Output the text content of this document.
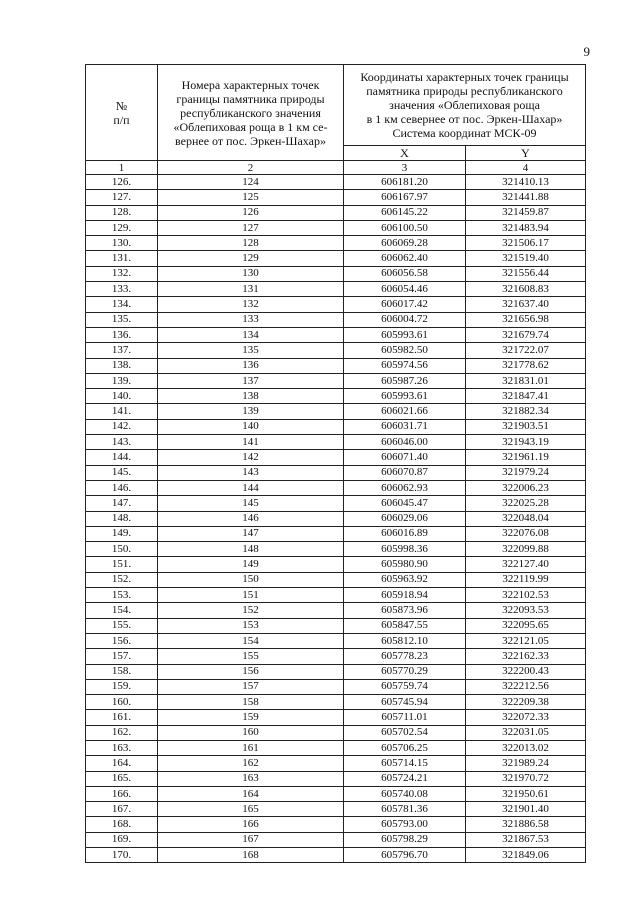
9
№
п/п	Номера характерных точек
границы памятника природы
республиканского значения
«Облепиховая роща в 1 км се-
вернее от пос. Эркен-Шахар»	Координаты характерных точек границы
памятника природы республиканского
значения «Облепиховая роща
в 1 км севернее от пос. Эркен-Шахар»
Система координат МСК-09	

		X	Y
1	2	3	4
126.	124	606181.20	321410.13
127.	125	606167.97	321441.88
128.	126	606145.22	321459.87
129.	127	606100.50	321483.94
130.	128	606069.28	321506.17
131.	129	606062.40	321519.40
132.	130	606056.58	321556.44
133.	131	606054.46	321608.83
134.	132	606017.42	321637.40
135.	133	606004.72	321656.98
136.	134	605993.61	321679.74
137.	135	605982.50	321722.07
138.	136	605974.56	321778.62
139.	137	605987.26	321831.01
140.	138	605993.61	321847.41
141.	139	606021.66	321882.34
142.	140	606031.71	321903.51
143.	141	606046.00	321943.19
144.	142	606071.40	321961.19
145.	143	606070.87	321979.24
146.	144	606062.93	322006.23
147.	145	606045.47	322025.28
148.	146	606029.06	322048.04
149.	147	606016.89	322076.08
150.	148	605998.36	322099.88
151.	149	605980.90	322127.40
152.	150	605963.92	322119.99
153.	151	605918.94	322102.53
154.	152	605873.96	322093.53
155.	153	605847.55	322095.65
156.	154	605812.10	322121.05
157.	155	605778.23	322162.33
158.	156	605770.29	322200.43
159.	157	605759.74	322212.56
160.	158	605745.94	322209.38
161.	159	605711.01	322072.33
162.	160	605702.54	322031.05
163.	161	605706.25	322013.02
164.	162	605714.15	321989.24
165.	163	605724.21	321970.72
166.	164	605740.08	321950.61
167.	165	605781.36	321901.40
168.	166	605793.00	321886.58
169.	167	605798.29	321867.53
170.	168	605796.70	321849.06
